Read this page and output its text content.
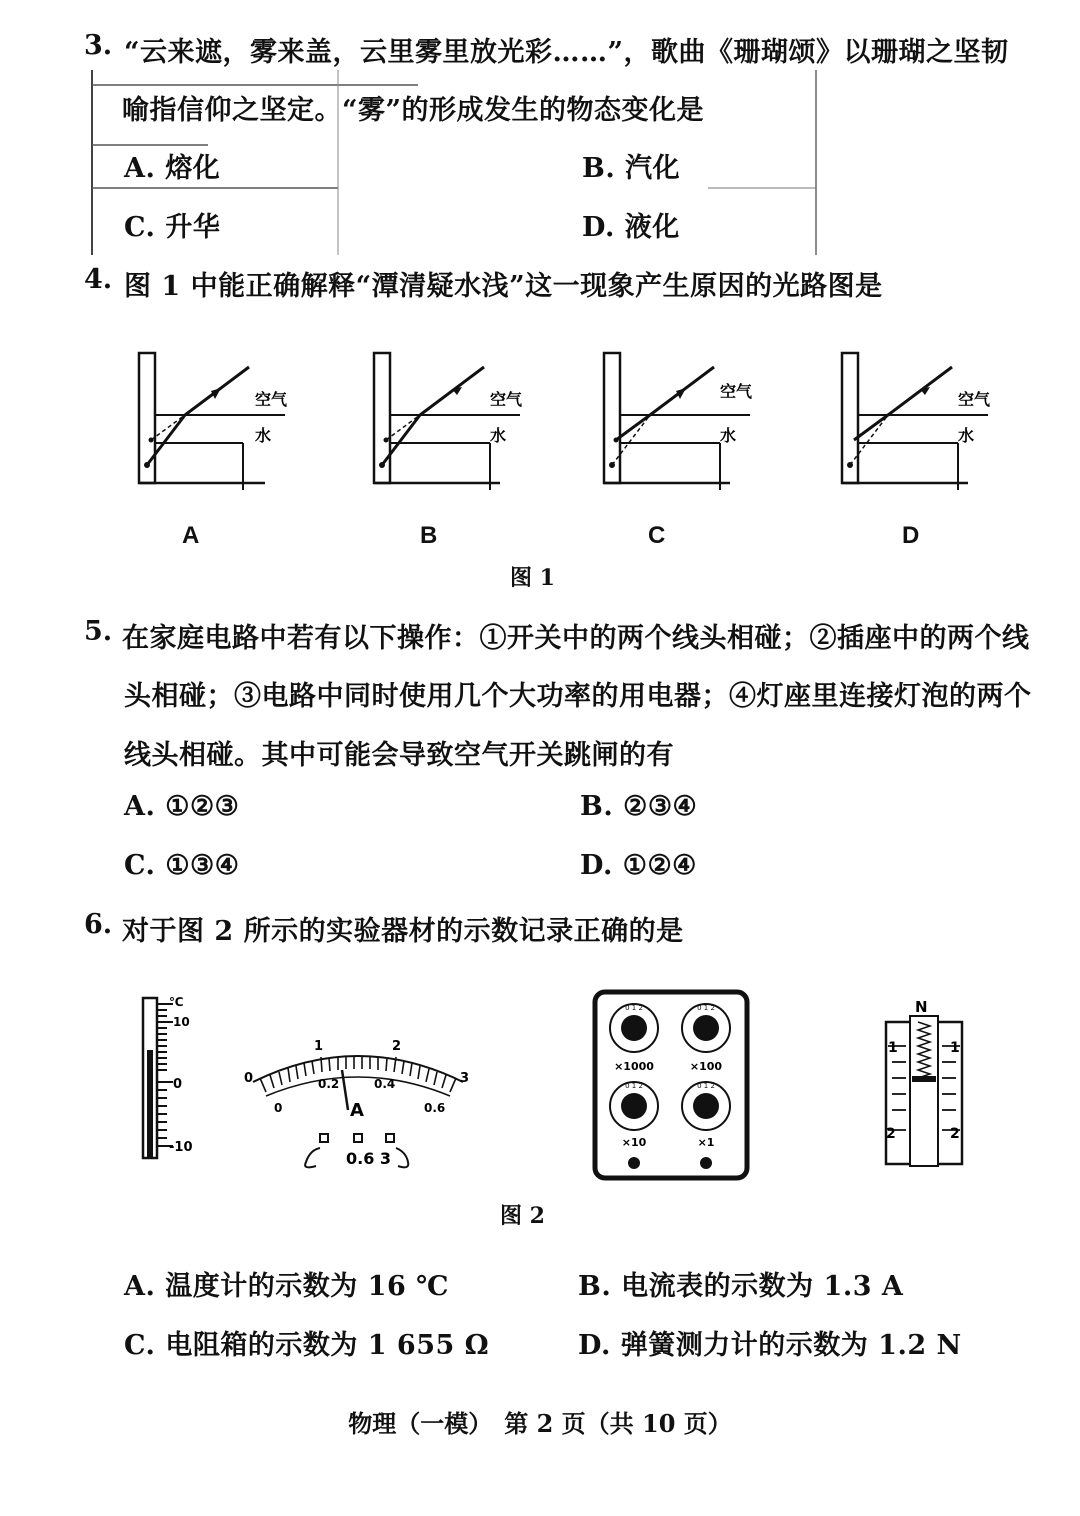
3. “云来遮，雾来盖，云里雾里放光彩……”，歌曲《珊瑚颂》以珊瑚之坚韧
喻指信仰之坚定。“雾”的形成发生的物态变化是
A. 熔化	B. 汽化
C. 升华	D. 液化
4. 图 1 中能正确解释“潭清疑水浅”这一现象产生原因的光路图是
空气
水
空气
水
空气
水
空气
水
A	B	C	D
图 1
5. 在家庭电路中若有以下操作：①开关中的两个线头相碰；②插座中的两个线
头相碰；③电路中同时使用几个大功率的用电器；④灯座里连接灯泡的两个
线头相碰。其中可能会导致空气开关跳闸的有
A. ①②③	B. ②③④
C. ①③④	D. ①②④
6. 对于图 2 所示的实验器材的示数记录正确的是
℃
10
0
-10
0
1	2
3
0
0.2	0.4
0.6
A
0.6 3
0 1 2	0 1 2
0 1 2	0 1 2
×1000	×100
×10	×1
N
1	1
2	2
图 2
A. 温度计的示数为 16 ℃	B. 电流表的示数为 1.3 A
C. 电阻箱的示数为 1 655 Ω	D. 弹簧测力计的示数为 1.2 N
物理（一模）　第 2 页（共 10 页）
